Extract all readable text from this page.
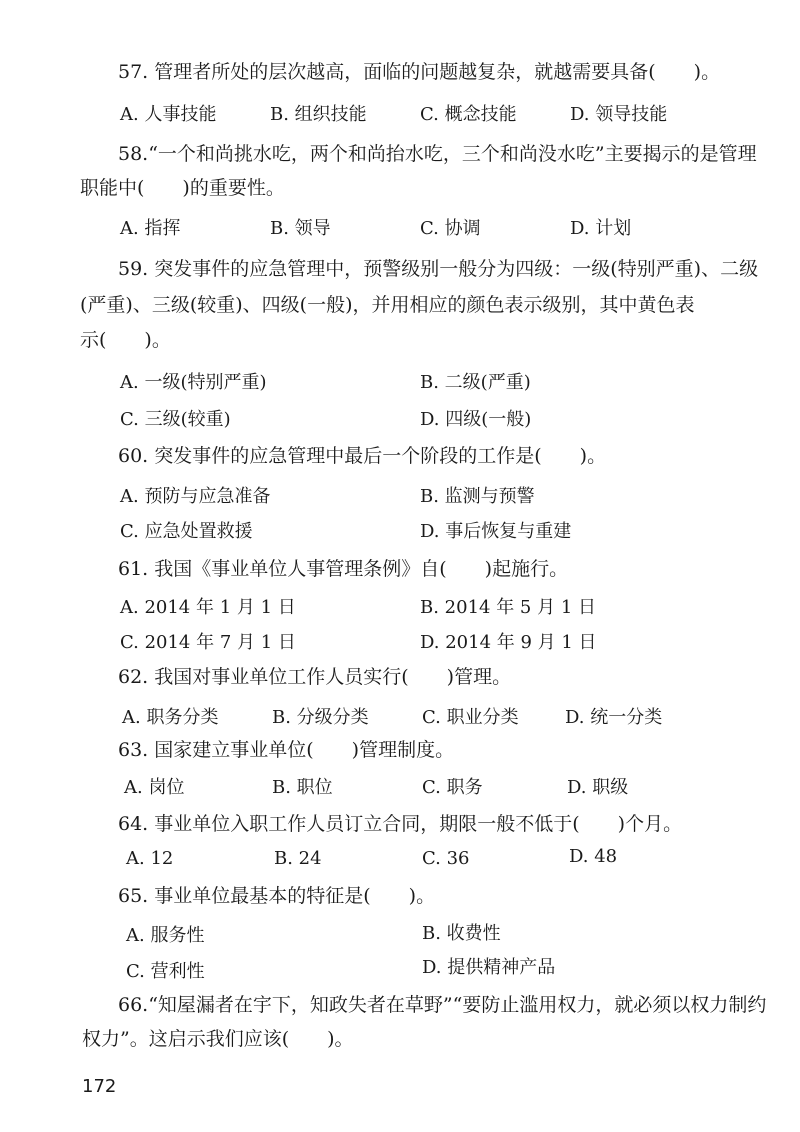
57. 管理者所处的层次越高，面临的问题越复杂，就越需要具备(　　)。
A. 人事技能	B. 组织技能	C. 概念技能	D. 领导技能
58.“一个和尚挑水吃，两个和尚抬水吃，三个和尚没水吃”主要揭示的是管理
职能中(　　)的重要性。
A. 指挥	B. 领导	C. 协调	D. 计划
59. 突发事件的应急管理中，预警级别一般分为四级：一级(特别严重)、二级
(严重)、三级(较重)、四级(一般)，并用相应的颜色表示级别，其中黄色表
示(　　)。
A. 一级(特别严重)	B. 二级(严重)
C. 三级(较重)	D. 四级(一般)
60. 突发事件的应急管理中最后一个阶段的工作是(　　)。
A. 预防与应急准备	B. 监测与预警
C. 应急处置救援	D. 事后恢复与重建
61. 我国《事业单位人事管理条例》自(　　)起施行。
A. 2014 年 1 月 1 日	B. 2014 年 5 月 1 日
C. 2014 年 7 月 1 日	D. 2014 年 9 月 1 日
62. 我国对事业单位工作人员实行(　　)管理。
A. 职务分类	B. 分级分类	C. 职业分类	D. 统一分类
63. 国家建立事业单位(　　)管理制度。
A. 岗位	B. 职位	C. 职务	D. 职级
64. 事业单位入职工作人员订立合同，期限一般不低于(　　)个月。
A. 12	B. 24	C. 36	D. 48
65. 事业单位最基本的特征是(　　)。
A. 服务性	B. 收费性
C. 营利性	D. 提供精神产品
66.“知屋漏者在宇下，知政失者在草野”“要防止滥用权力，就必须以权力制约
权力”。这启示我们应该(　　)。
172
